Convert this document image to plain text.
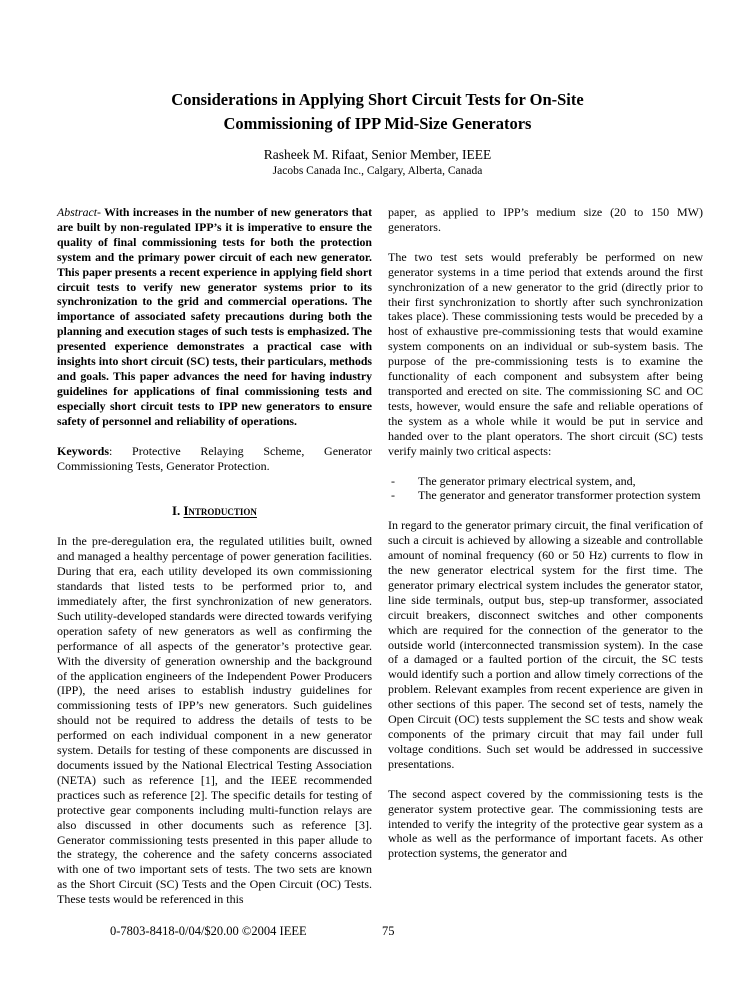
Considerations in Applying Short Circuit Tests for On-Site
Commissioning of IPP Mid-Size Generators
Rasheek M. Rifaat, Senior Member, IEEE
Jacobs Canada Inc., Calgary, Alberta, Canada

Abstract- With increases in the number of new generators that are built by non-regulated IPP’s it is imperative to ensure the quality of final commissioning tests for both the protection system and the primary power circuit of each new generator. This paper presents a recent experience in applying field short circuit tests to verify new generator systems prior to its synchronization to the grid and commercial operations. The importance of associated safety precautions during both the planning and execution stages of such tests is emphasized. The presented experience demonstrates a practical case with insights into short circuit (SC) tests, their particulars, methods and goals. This paper advances the need for having industry guidelines for applications of final commissioning tests and especially short circuit tests to IPP new generators to ensure safety of personnel and reliability of operations.

Keywords: Protective Relaying Scheme, Generator Commissioning Tests, Generator Protection.

I. Introduction

In the pre-deregulation era, the regulated utilities built, owned and managed a healthy percentage of power generation facilities. During that era, each utility developed its own commissioning standards that listed tests to be performed prior to, and immediately after, the first synchronization of new generators. Such utility-developed standards were directed towards verifying operation safety of new generators as well as confirming the performance of all aspects of the generator’s protective gear. With the diversity of generation ownership and the background of the application engineers of the Independent Power Producers (IPP), the need arises to establish industry guidelines for commissioning tests of IPP’s new generators. Such guidelines should not be required to address the details of tests to be performed on each individual component in a new generator system. Details for testing of these components are discussed in documents issued by the National Electrical Testing Association (NETA) such as reference [1], and the IEEE recommended practices such as reference [2]. The specific details for testing of protective gear components including multi-function relays are also discussed in other documents such as reference [3]. Generator commissioning tests presented in this paper allude to the strategy, the coherence and the safety concerns associated with one of two important sets of tests. The two sets are known as the Short Circuit (SC) Tests and the Open Circuit (OC) Tests. These tests would be referenced in this

paper, as applied to IPP’s medium size (20 to 150 MW) generators.

The two test sets would preferably be performed on new generator systems in a time period that extends around the first synchronization of a new generator to the grid (directly prior to their first synchronization to shortly after such synchronization takes place). These commissioning tests would be preceded by a host of exhaustive pre-commissioning tests that would examine system components on an individual or sub-system basis. The purpose of the pre-commissioning tests is to examine the functionality of each component and subsystem after being transported and erected on site. The commissioning SC and OC tests, however, would ensure the safe and reliable operations of the system as a whole while it would be put in service and handed over to the plant operators. The short circuit (SC) tests verify mainly two critical aspects:

-	The generator primary electrical system, and,
-	The generator and generator transformer protection system

In regard to the generator primary circuit, the final verification of such a circuit is achieved by allowing a sizeable and controllable amount of nominal frequency (60 or 50 Hz) currents to flow in the new generator electrical system for the first time. The generator primary electrical system includes the generator stator, line side terminals, output bus, step-up transformer, associated circuit breakers, disconnect switches and other components which are required for the connection of the generator to the outside world (interconnected transmission system). In the case of a damaged or a faulted portion of the circuit, the SC tests would identify such a portion and allow timely corrections of the problem. Relevant examples from recent experience are given in other sections of this paper. The second set of tests, namely the Open Circuit (OC) tests supplement the SC tests and show weak components of the primary circuit that may fail under full voltage conditions. Such set would be addressed in successive presentations.

The second aspect covered by the commissioning tests is the generator system protective gear. The commissioning tests are intended to verify the integrity of the protective gear system as a whole as well as the performance of important facets. As other protection systems, the generator and

0-7803-8418-0/04/$20.00 ©2004 IEEE	75
